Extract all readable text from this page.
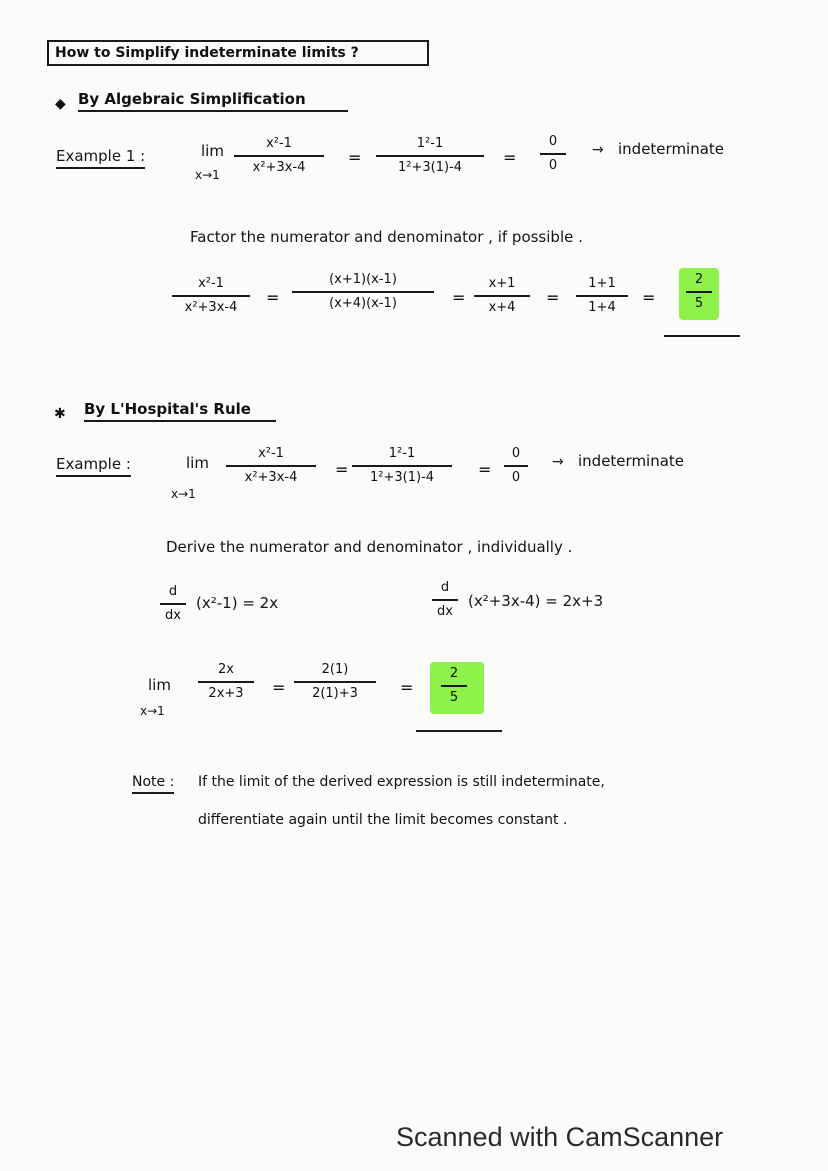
How to Simplify indeterminate limits ?
◆ By Algebraic Simplification
Example 1 :	lim
x→1
x²-1
x²+3x-4	=
1²-1
1²+3(1)-4	=
0
0
→ indeterminate
Factor the numerator and denominator , if possible .
x²-1
x²+3x-4 =
(x+1)(x-1)
(x+4)(x-1)	=
x+1
x+4 =
1+1
1+4 =
2
5
✱ By L'Hospital's Rule
Example :	lim
x→1
x²-1
x²+3x-4 =
1²-1
1²+3(1)-4	=
0
0
→ indeterminate
Derive the numerator and denominator , individually .
d
dx
(x²-1) = 2x
d
dx
(x²+3x-4) = 2x+3
lim
x→1
2x
2x+3 =
2(1)
2(1)+3	=
2
5
Note : If the limit of the derived expression is still indeterminate,
differentiate again until the limit becomes constant .
Scanned with CamScanner
